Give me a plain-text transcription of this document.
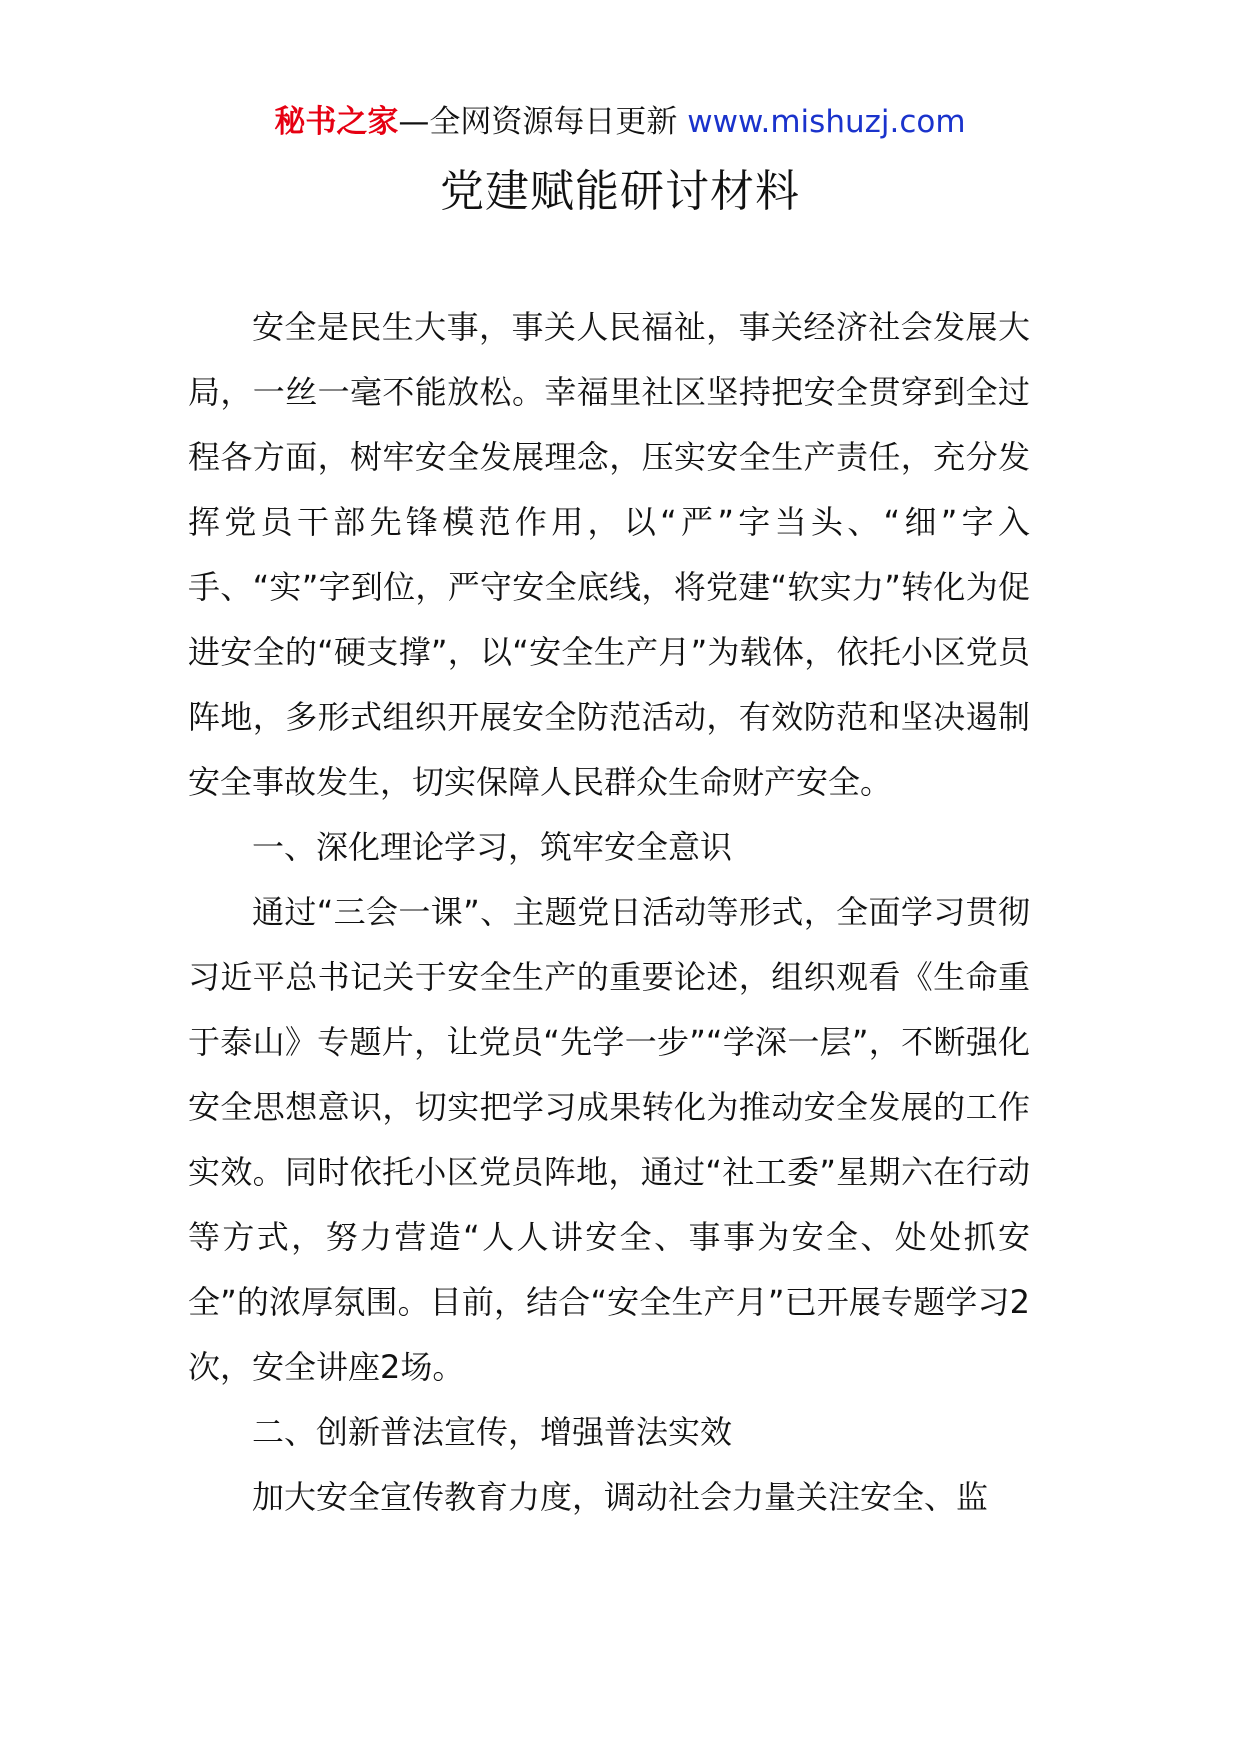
秘书之家—全网资源每日更新 www.mishuzj.com
党建赋能研讨材料

安全是民生大事，事关人民福祉，事关经济社会发展大局，一丝一毫不能放松。幸福里社区坚持把安全贯穿到全过程各方面，树牢安全发展理念，压实安全生产责任，充分发挥党员干部先锋模范作用，以“严”字当头、“细”字入手、“实”字到位，严守安全底线，将党建“软实力”转化为促进安全的“硬支撑”，以“安全生产月”为载体，依托小区党员阵地，多形式组织开展安全防范活动，有效防范和坚决遏制安全事故发生，切实保障人民群众生命财产安全。

一、深化理论学习，筑牢安全意识

通过“三会一课”、主题党日活动等形式，全面学习贯彻习近平总书记关于安全生产的重要论述，组织观看《生命重于泰山》专题片，让党员“先学一步”“学深一层”，不断强化安全思想意识，切实把学习成果转化为推动安全发展的工作实效。同时依托小区党员阵地，通过“社工委”星期六在行动等方式，努力营造“人人讲安全、事事为安全、处处抓安全”的浓厚氛围。目前，结合“安全生产月”已开展专题学习2次，安全讲座2场。

二、创新普法宣传，增强普法实效

加大安全宣传教育力度，调动社会力量关注安全、监
